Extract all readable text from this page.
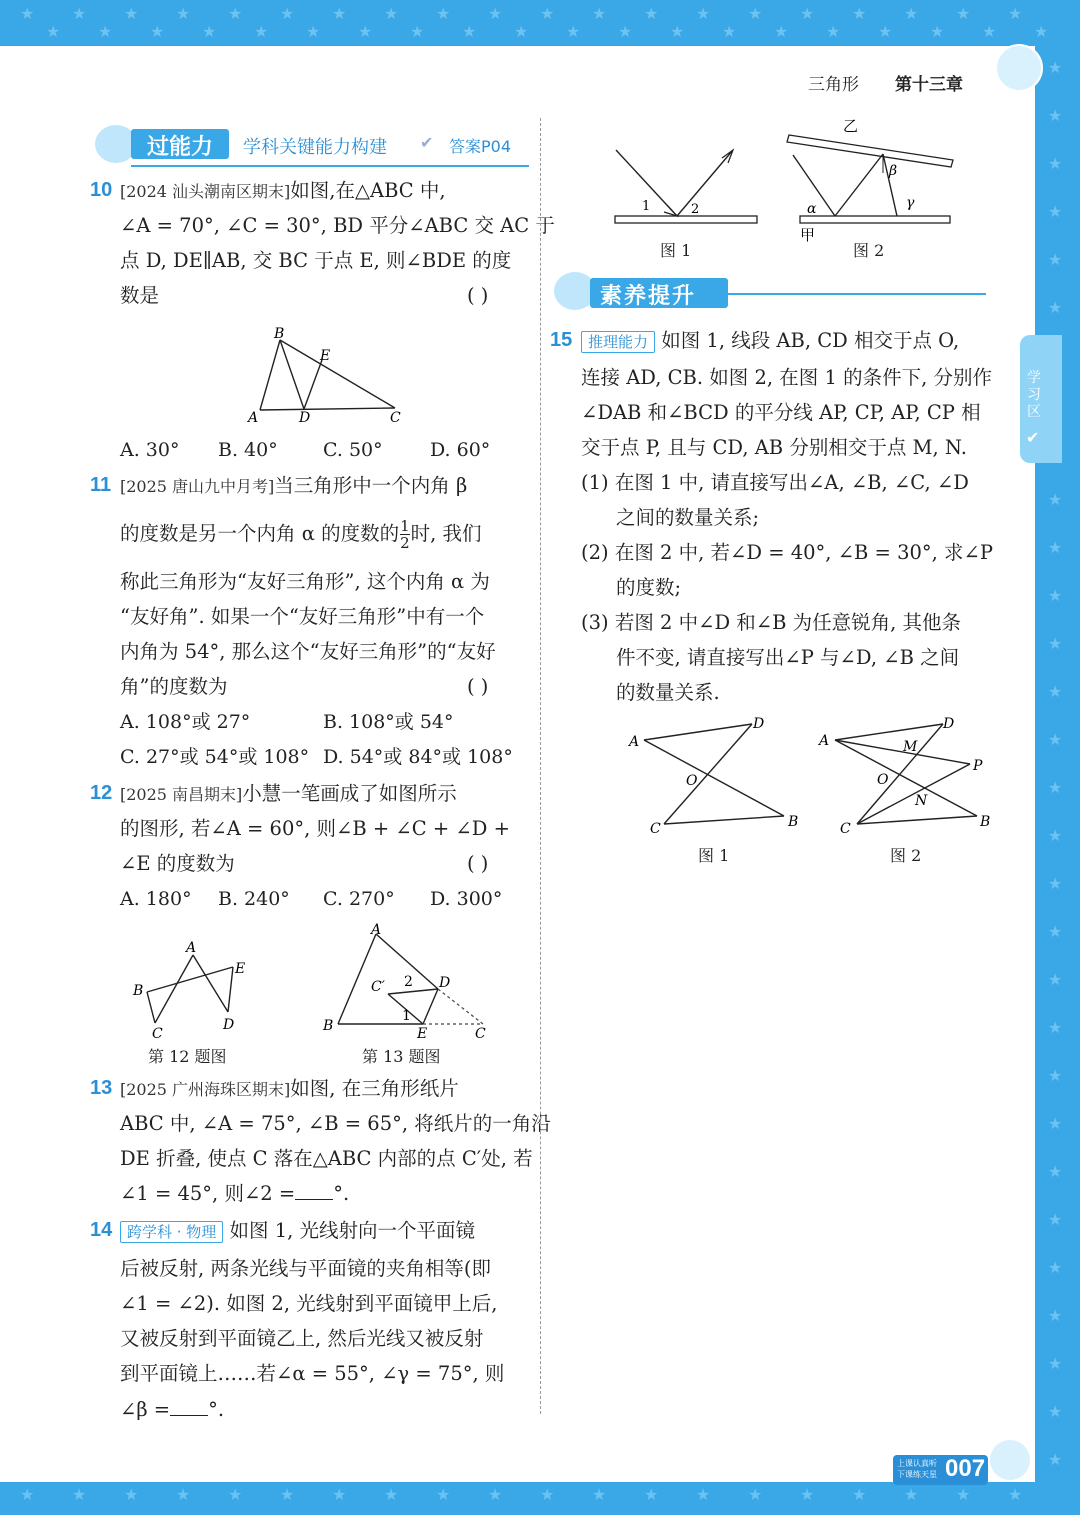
★
★
★
★
★
★
★
★
★
★
★
★
★
★
★
★
★
★
★
★
★
★
★
★
★
★
★
★
★
★
★
★
★
★
★
★
★
★
★
★
★ ★ ★ ★ ★ ★ ★ ★ ★ ★ ★ ★ ★ ★ ★ ★ ★ ★ ★ ★
★
★
★
★
★
★
★
★
★
★
★
★
★
★
★
★
★
★
★
★
★
★
★
★
★
★
★
三角形 第十三章
学习区
✔
过能力 学科关键能力构建 ✔ 答案P04
10 [2024 汕头潮南区期末]如图,在△ABC 中,
∠A = 70°, ∠C = 30°, BD 平分∠ABC 交 AC 于
点 D, DE∥AB, 交 BC 于点 E, 则∠BDE 的度
数是	( )
B
E
A	D	C
A. 30° B. 40° C. 50° D. 60°
11 [2025 唐山九中月考]当三角形中一个内角 β
的度数是另一个内角 α 的度数的 $\frac{1}{2}$ 时, 我们
称此三角形为“友好三角形”, 这个内角 α 为
“友好角”. 如果一个“友好三角形”中有一个
内角为 54°, 那么这个“友好三角形”的“友好
角”的度数为	( )
A. 108°或 27°	B. 108°或 54°
C. 27°或 54°或 108° D. 54°或 84°或 108°
12 [2025 南昌期末]小慧一笔画成了如图所示
的图形, 若∠A = 60°, 则∠B + ∠C + ∠D +
∠E 的度数为	( )
A. 180° B. 240° C. 270° D. 300°
A
E
B
C
D
第 12 题图
A
C′ 2 D
1
B	E	C
第 13 题图
13 [2025 广州海珠区期末]如图, 在三角形纸片
ABC 中, ∠A = 75°, ∠B = 65°, 将纸片的一角沿
DE 折叠, 使点 C 落在△ABC 内部的点 C′处, 若
∠1 = 45°, 则∠2 = °.
14 跨学科 · 物理 如图 1, 光线射向一个平面镜
后被反射, 两条光线与平面镜的夹角相等(即
∠1 = ∠2). 如图 2, 光线射到平面镜甲上后,
又被反射到平面镜乙上, 然后光线又被反射
到平面镜上……若∠α = 55°, ∠γ = 75°, 则
∠β = °.
1	2
图 1
乙
α
β
γ
甲
图 2
素养提升
15	推理能力 如图 1, 线段 AB, CD 相交于点 O,
连接 AD, CB. 如图 2, 在图 1 的条件下, 分别作
∠DAB 和∠BCD 的平分线 AP, CP, AP, CP 相
交于点 P, 且与 CD, AB 分别相交于点 M, N.
(1) 在图 1 中, 请直接写出∠A, ∠B, ∠C, ∠D
之间的数量关系;
(2) 在图 2 中, 若∠D = 40°, ∠B = 30°, 求∠P
的度数;
(3) 若图 2 中∠D 和∠B 为任意锐角, 其他条
件不变, 请直接写出∠P 与∠D, ∠B 之间
的数量关系.
A
D
O
C	B
图 1
A	M
D
P
O
N
C	B
图 2
上课认真听
下课练天星 007
